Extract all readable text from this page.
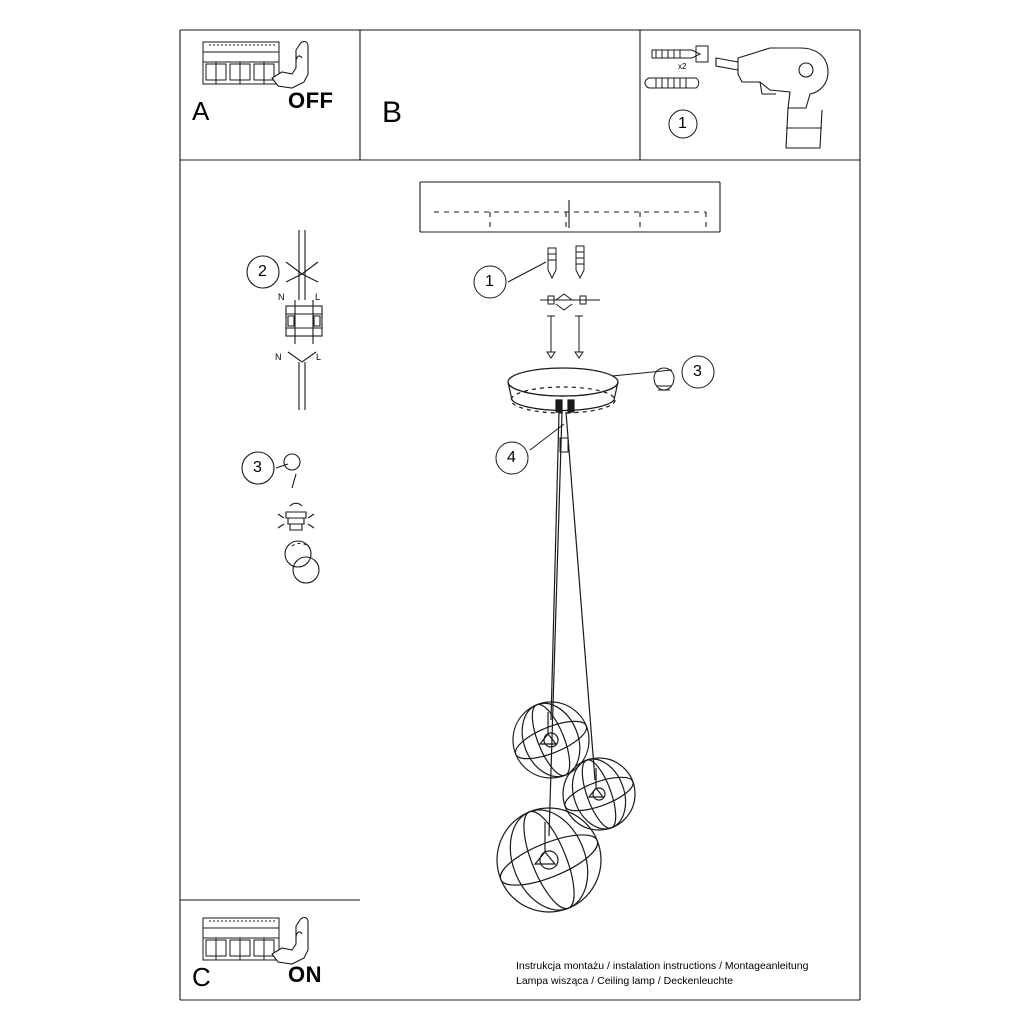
A	OFF B
C	ON
x2
1
1
2
3
3
4
N	L
N	L
Instrukcja montażu / instalation instructions / Montageanleitung
Lampa wisząca / Ceiling lamp / Deckenleuchte
